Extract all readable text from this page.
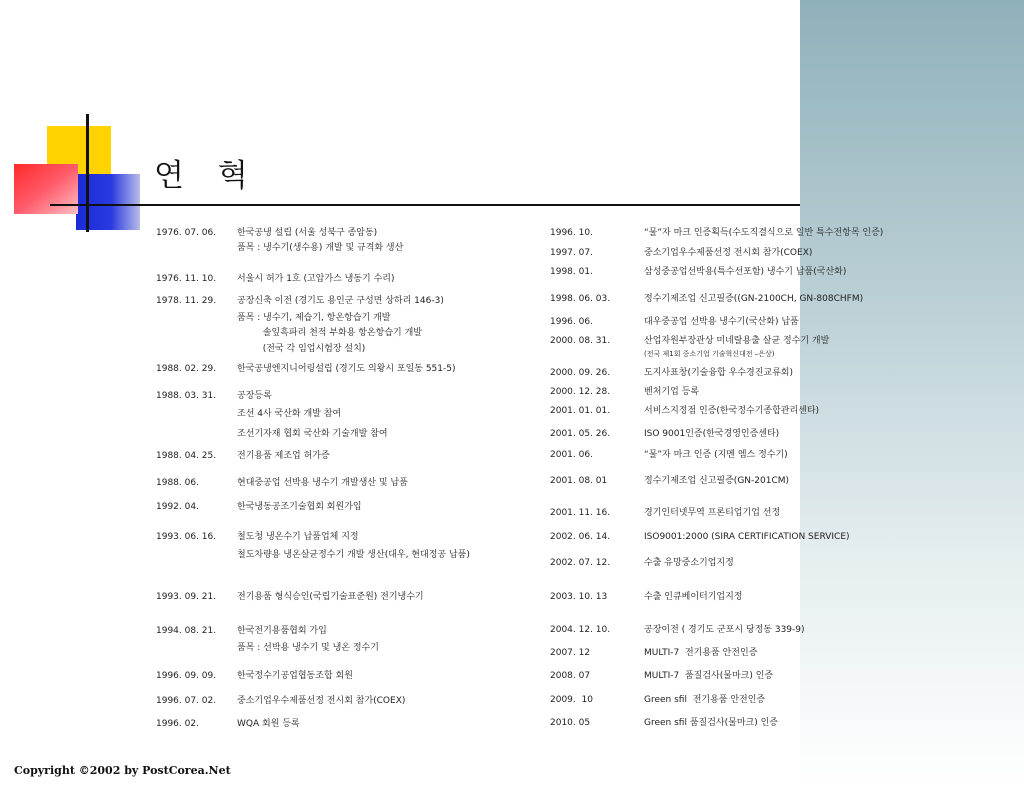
연 혁
1976. 07. 06. 한국공냉 설립 (서울 성북구 종암동)
품목 : 냉수기(생수용) 개발 및 규격화 생산
1976. 11. 10. 서울시 허가 1호 (고압가스 냉동기 수리)
1978. 11. 29. 공장신축 이전 (경기도 용인군 구성면 상하리 146-3)
품목 : 냉수기, 제습기, 항온항습기 개발
솔잎흑파리 천적 부화용 항온항습기 개발
(전국 각 임업시험장 설치)
1988. 02. 29. 한국공냉엔지니어링설립 (경기도 의왕시 포일동 551-5)
1988. 03. 31. 공장등록
조선 4사 국산화 개발 참여
조선기자재 협회 국산화 기술개발 참여
1988. 04. 25. 전기용품 제조업 허가증
1988. 06.	현대중공업 선박용 냉수기 개발생산 및 납품
1992. 04.	한국냉동공조기술협회 회원가입
1993. 06. 16. 철도청 냉온수기 납품업체 지정
철도차량용 냉온살균정수기 개발 생산(대우, 현대정공 납품)
1993. 09. 21. 전기용품 형식승인(국립기술표준원) 전기냉수기
1994. 08. 21. 한국전기용품협회 가입
품목 : 선박용 냉수기 및 냉온 정수기
1996. 09. 09. 한국정수기공업협동조합 회원
1996. 07. 02. 중소기업우수제품선정 전시회 참가(COEX)
1996. 02.	WQA 회원 등록
1996. 10.	“물”자 마크 인증획득(수도직결식으로 일반 특수전항목 인증)
1997. 07.	중소기업우수제품선정 전시회 참가(COEX)
1998. 01.	삼성중공업선박용(특수선포함) 냉수기 납품(국산화)
1998. 06. 03.	정수기제조업 신고필증((GN-2100CH, GN-808CHFM)
1996. 06.	대우중공업 선박용 냉수기(국산화) 납품
2000. 08. 31.	산업자원부장관상 미네랄용출 살균 정수기 개발
(전국 제1회 중소기업 기술혁신대전 –은상)
2000. 09. 26.	도지사표창(기술융합 우수경진교류회)
2000. 12. 28.	벤처기업 등록
2001. 01. 01.	서비스지정점 인증(한국정수기종합관리센타)
2001. 05. 26.	ISO 9001인증(한국경영인증센타)
2001. 06.	“물”자 마크 인증 (지멘 엠스 정수기)
2001. 08. 01	정수기제조업 신고필증(GN-201CM)
2001. 11. 16.	경기인터넷무역 프론티업기업 선정
2002. 06. 14.	ISO9001:2000 (SIRA CERTIFICATION SERVICE)
2002. 07. 12.	수출 유망중소기업지정
2003. 10. 13	수출 인큐베이터기업지정
2004. 12. 10.	공장이전 ( 경기도 군포시 당정동 339-9)
2007. 12	MULTI-7  전기용품 안전인증
2008. 07	MULTI-7  품질검사(물마크) 인증
2009.  10	Green sfil  전기용품 안전인증
2010. 05	Green sfil 품질검사(물마크) 인증
Copyright ©2002 by PostCorea.Net
